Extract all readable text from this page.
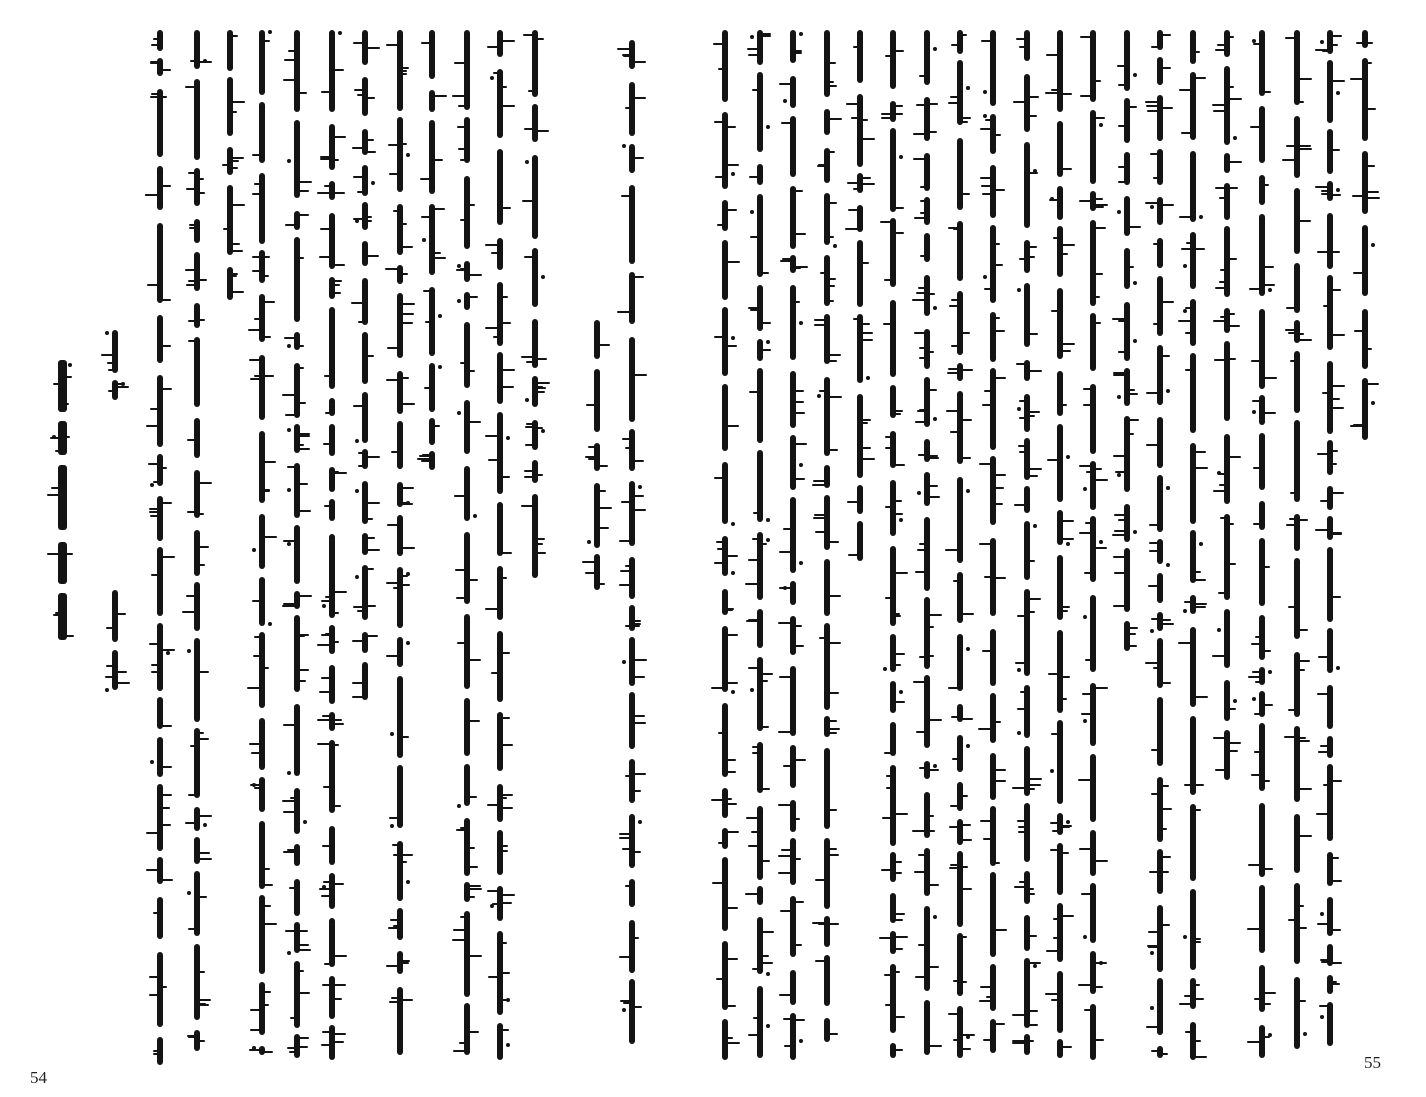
54
55
ᠮᠣᠩᠭᠣᠯ ᠪᠢᠴᠢᠭ ᠦᠨ ᠳᠦᠷᠢᠮ
ᠪᠠᠭᠰᠢ ᠨᠠᠷ
